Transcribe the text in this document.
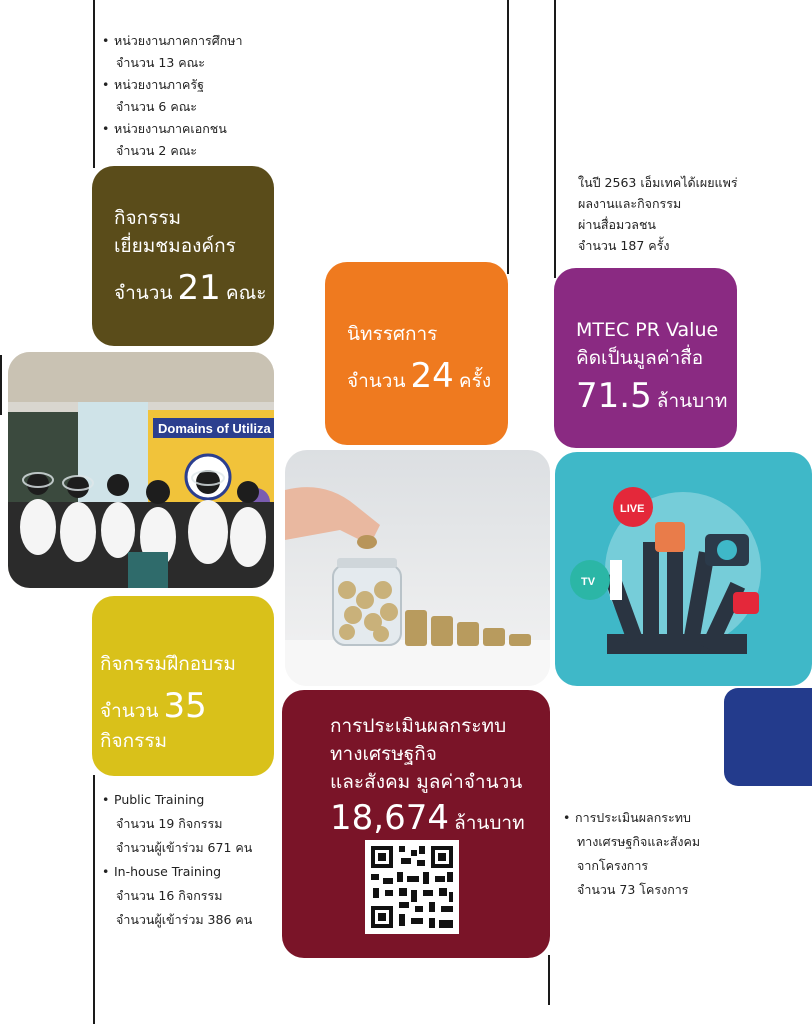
• หน่วยงานภาคการศึกษา
จำนวน 13 คณะ
• หน่วยงานภาครัฐ
จำนวน 6 คณะ
• หน่วยงานภาคเอกชน
จำนวน 2 คณะ
กิจกรรม
เยี่ยมชมองค์กร
จำนวน 21 คณะ
ในปี 2563 เอ็มเทคได้เผยแพร่
ผลงานและกิจกรรม
ผ่านสื่อมวลชน
จำนวน 187 ครั้ง
นิทรรศการ
จำนวน 24 ครั้ง
MTEC PR Value
คิดเป็นมูลค่าสื่อ
71.5 ล้านบาท
Domains of Utiliza
TV
LIVE
กิจกรรมฝึกอบรม
จำนวน 35 กิจกรรม
การประเมินผลกระทบ
ทางเศรษฐกิจ
และสังคม มูลค่าจำนวน
18,674 ล้านบาท
• Public Training
จำนวน 19 กิจกรรม
จำนวนผู้เข้าร่วม 671 คน
• In-house Training
จำนวน 16 กิจกรรม
จำนวนผู้เข้าร่วม 386 คน
• การประเมินผลกระทบ
ทางเศรษฐกิจและสังคม
จากโครงการ
จำนวน 73 โครงการ
